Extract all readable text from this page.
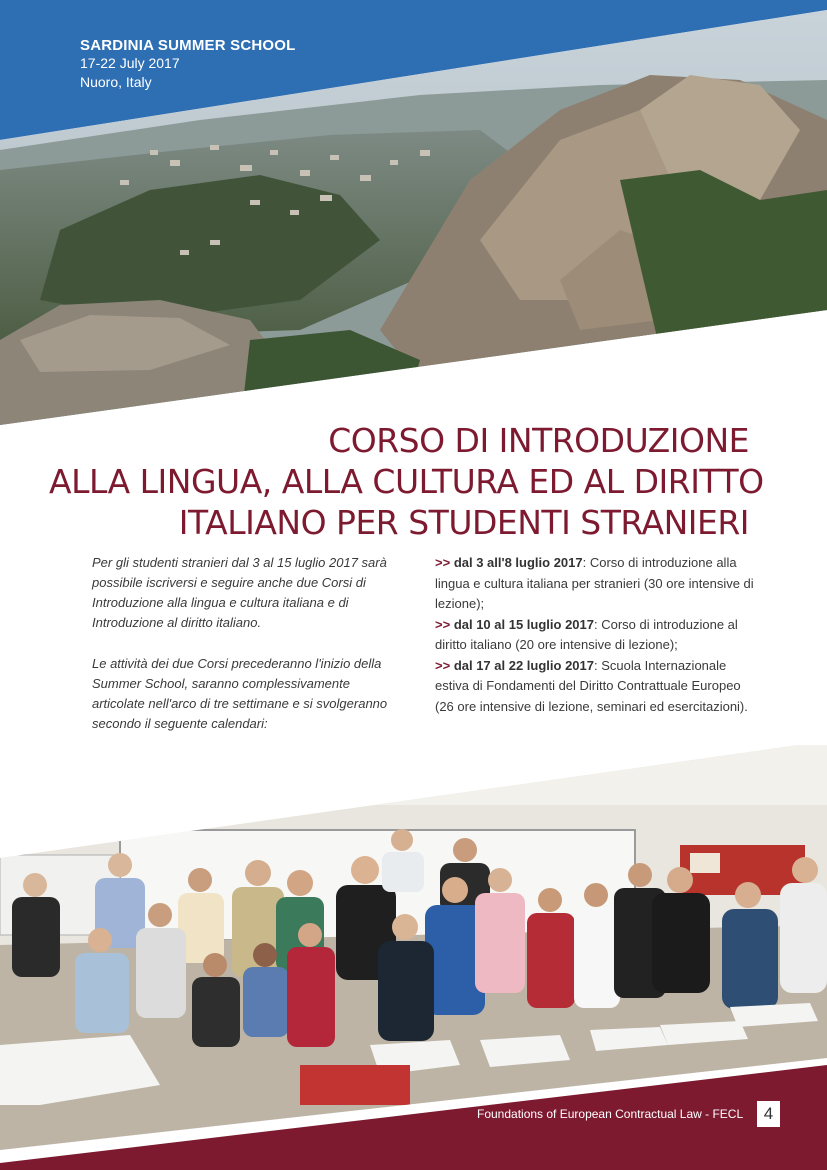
SARDINIA SUMMER SCHOOL
17-22 July 2017
Nuoro, Italy
CORSO DI INTRODUZIONE
ALLA LINGUA, ALLA CULTURA ED AL DIRITTO
ITALIANO PER STUDENTI STRANIERI

Per gli studenti stranieri dal 3 al 15 luglio 2017 sarà possibile iscriversi e seguire anche due Corsi di Introduzione alla lingua e cultura italiana e di Introduzione al diritto italiano.

Le attività dei due Corsi precederanno l'inizio della Summer School, saranno complessivamente articolate nell'arco di tre settimane e si svolgeranno secondo il seguente calendari:

>> dal 3 all'8 luglio 2017: Corso di introduzione alla lingua e cultura italiana per stranieri (30 ore intensive di lezione);

>> dal 10 al 15 luglio 2017: Corso di introduzione al diritto italiano (20 ore intensive di lezione);

>> dal 17 al 22 luglio 2017: Scuola Internazionale estiva di Fondamenti del Diritto Contrattuale Europeo (26 ore intensive di lezione, seminari ed esercitazioni).

Foundations of European Contractual Law - FECL	4
